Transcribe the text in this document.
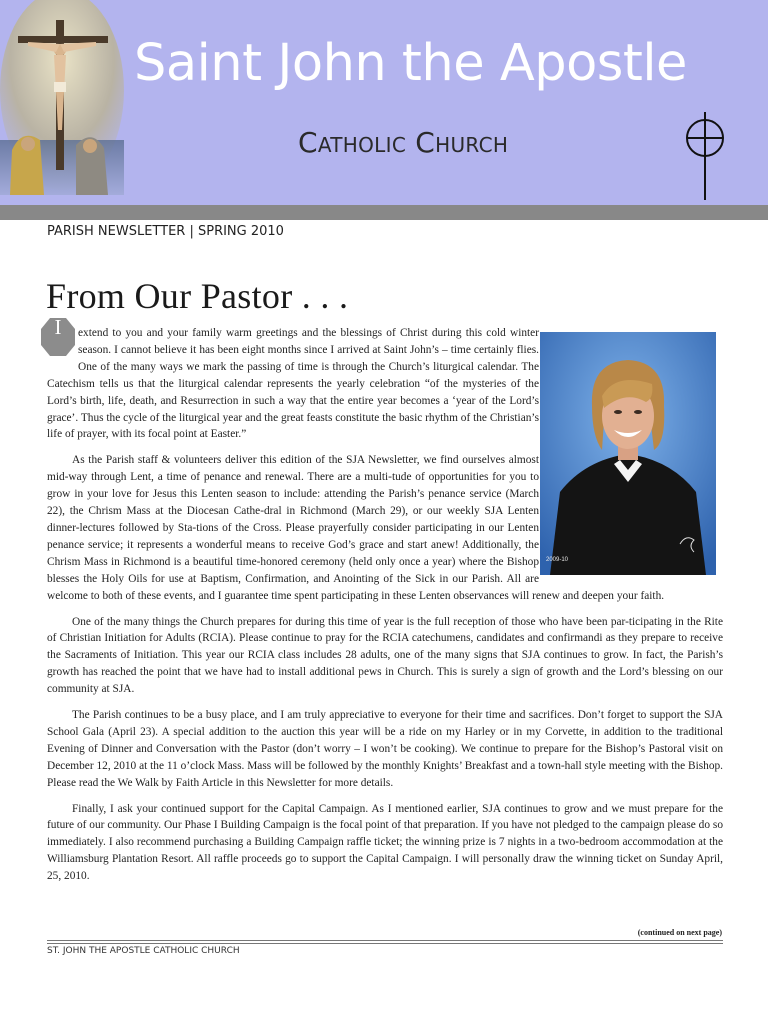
Saint John the Apostle
Catholic Church
PARISH NEWSLETTER | SPRING 2010
From Our Pastor . . .
2009-10

I	extend to you and your family warm greetings and the blessings of Christ during this cold winter season. I cannot believe it has been eight months since I arrived at Saint John’s – time certainly flies. One of the many ways we mark the passing of time is through the Church’s liturgical calendar. The Catechism tells us that the liturgical calendar represents the yearly celebration “of the mysteries of the Lord’s birth, life, death, and Resurrection in such a way that the entire year becomes a ‘year of the Lord’s grace’. Thus the cycle of the liturgical year and the great feasts constitute the basic rhythm of the Christian’s life of prayer, with its focal point at Easter.”

As the Parish staff & volunteers deliver this edition of the SJA Newsletter, we find ourselves almost mid-way through Lent, a time of penance and renewal. There are a multi-tude of opportunities for you to grow in your love for Jesus this Lenten season to include: attending the Parish’s penance service (March 22), the Chrism Mass at the Diocesan Cathe-dral in Richmond (March 29), or our weekly SJA Lenten dinner-lectures followed by Sta-tions of the Cross. Please prayerfully consider participating in our Lenten penance service; it represents a wonderful means to receive God’s grace and start anew! Additionally, the Chrism Mass in Richmond is a beautiful time-honored ceremony (held only once a year) where the Bishop blesses the Holy Oils for use at Baptism, Confirmation, and Anointing of the Sick in our Parish. All are welcome to both of these events, and I guarantee time spent participating in these Lenten observances will renew and deepen your faith.

One of the many things the Church prepares for during this time of year is the full reception of those who have been par-ticipating in the Rite of Christian Initiation for Adults (RCIA). Please continue to pray for the RCIA catechumens, candidates and confirmandi as they prepare to receive the Sacraments of Initiation. This year our RCIA class includes 28 adults, one of the many signs that SJA continues to grow. In fact, the Parish’s growth has reached the point that we have had to install additional pews in Church. This is surely a sign of growth and the Lord’s blessing on our community at SJA.

The Parish continues to be a busy place, and I am truly appreciative to everyone for their time and sacrifices. Don’t forget to support the SJA School Gala (April 23). A special addition to the auction this year will be a ride on my Harley or in my Corvette, in addition to the traditional Evening of Dinner and Conversation with the Pastor (don’t worry – I won’t be cooking). We continue to prepare for the Bishop’s Pastoral visit on December 12, 2010 at the 11 o’clock Mass. Mass will be followed by the monthly Knights’ Breakfast and a town-hall style meeting with the Bishop. Please read the We Walk by Faith Article in this Newsletter for more details.

Finally, I ask your continued support for the Capital Campaign. As I mentioned earlier, SJA continues to grow and we must prepare for the future of our community. Our Phase I Building Campaign is the focal point of that preparation. If you have not pledged to the campaign please do so immediately. I also recommend purchasing a Building Campaign raffle ticket; the winning prize is 7 nights in a two-bedroom accommodation at the Williamsburg Plantation Resort. All raffle proceeds go to support the Capital Campaign. I will personally draw the winning ticket on Sunday April, 25, 2010.

(continued on next page)
ST. JOHN THE APOSTLE CATHOLIC CHURCH
